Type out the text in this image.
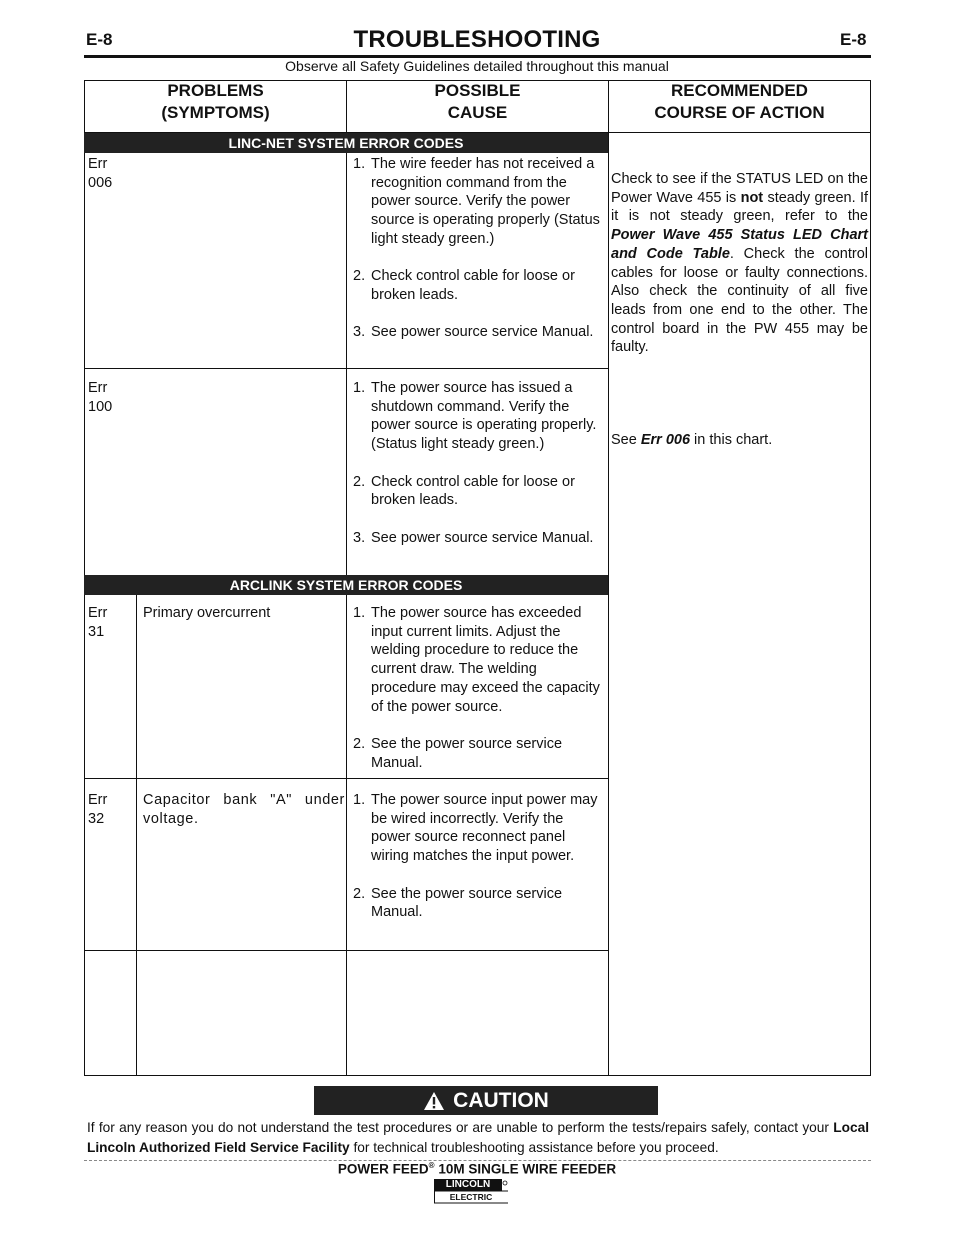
E-8	E-8
TROUBLESHOOTING
Observe all Safety Guidelines detailed throughout this manual
PROBLEMS
(SYMPTOMS)
POSSIBLE
CAUSE
RECOMMENDED
COURSE OF ACTION
LINC-NET SYSTEM ERROR CODES
ARCLINK SYSTEM ERROR CODES
Err 006
1. The wire feeder has not received a recognition command from the power source. Verify the power source is operating properly (Status light steady green.)
2. Check control cable for loose or broken leads.
3. See power source service Manual.
Check to see if the STATUS LED on the Power Wave 455 is not steady green. If it is not steady green, refer to the Power Wave 455 Status LED Chart and Code Table. Check the control cables for loose or faulty connections. Also check the continuity of all five leads from one end to the other. The control board in the PW 455 may be faulty.
Err 100
1. The power source has issued a shutdown command. Verify the power source is operating properly. (Status light steady green.)
2. Check control cable for loose or broken leads.
3. See power source service Manual.
See Err 006 in this chart.
Err 31
Primary overcurrent	1. The power source has exceeded input current limits. Adjust the welding procedure to reduce the current draw. The welding procedure may exceed the capacity of the power source.
2. See the power source service Manual.
Err 32
Capacitor bank "A" under voltage.
1. The power source input power may be wired incorrectly. Verify the power source reconnect panel wiring matches the input power.
2. See the power source service Manual.
CAUTION
If for any reason you do not understand the test procedures or are unable to perform the tests/repairs safely, contact your Local Lincoln Authorized Field Service Facility for technical troubleshooting assistance before you proceed.
POWER FEED® 10M SINGLE WIRE FEEDER
LINCOLN
ELECTRIC
